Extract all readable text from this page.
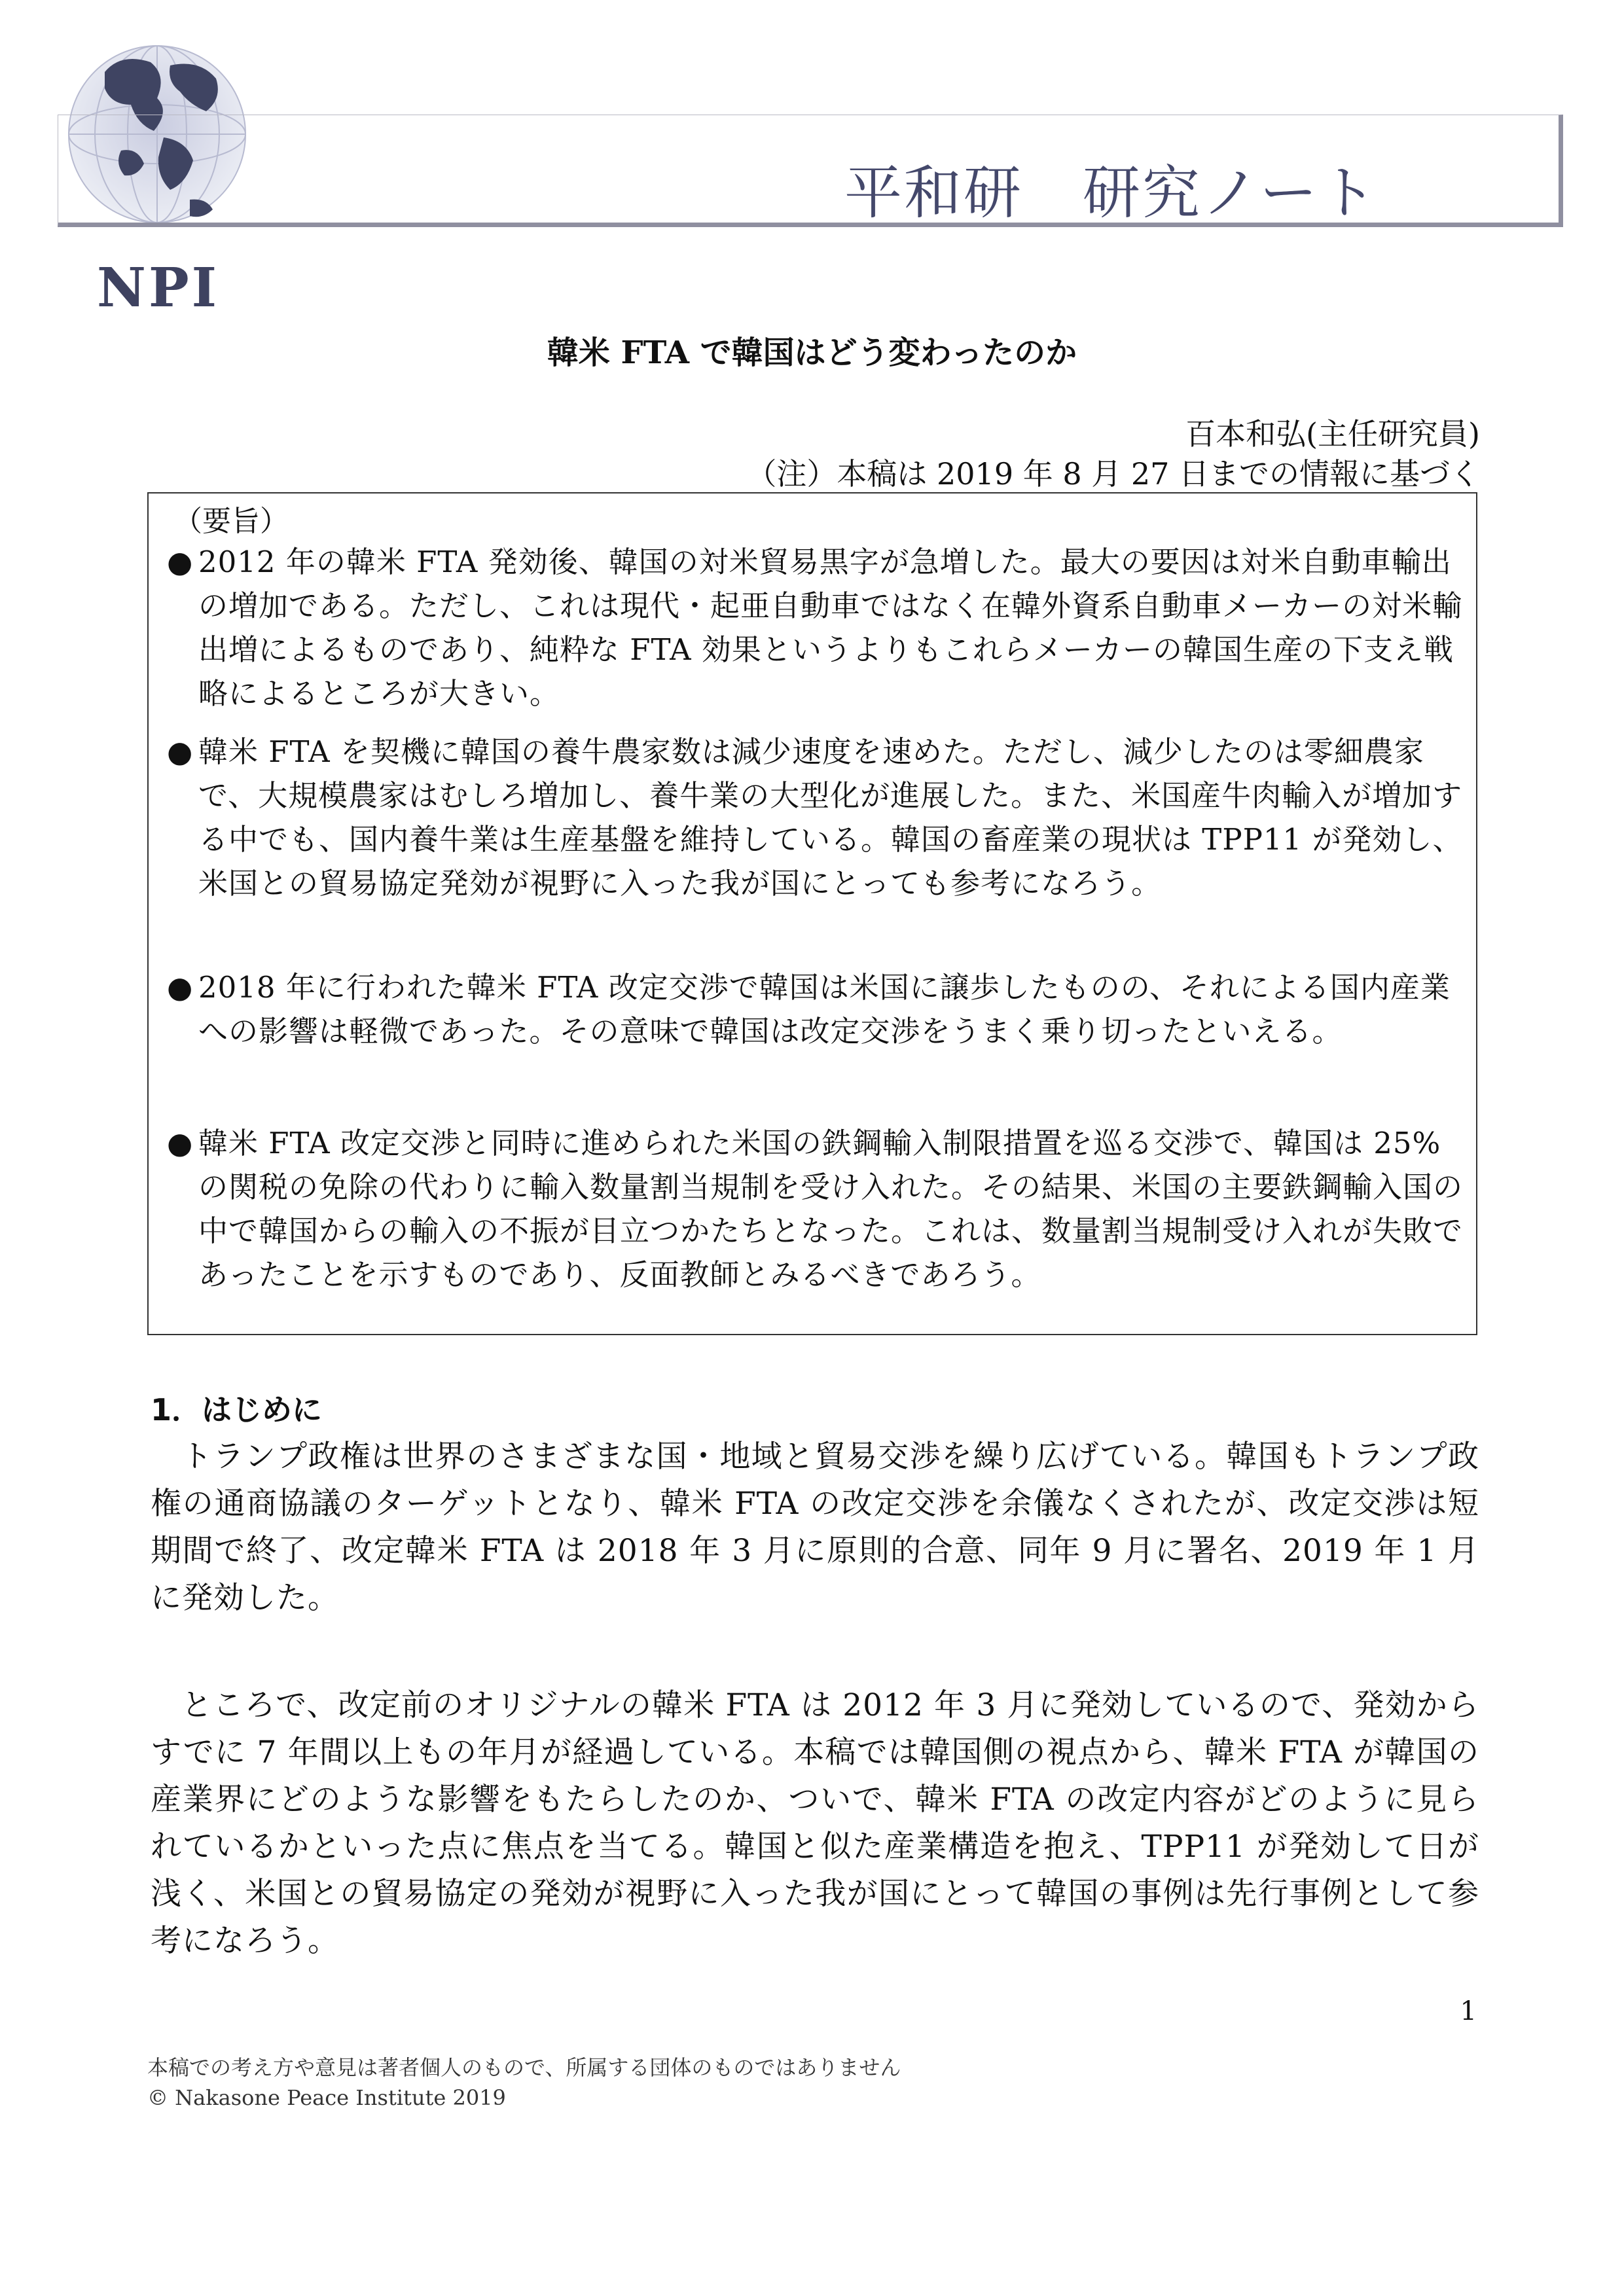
平和研　研究ノート
NPI
韓米 FTA で韓国はどう変わったのか
百本和弘(主任研究員)
（注）本稿は 2019 年 8 月 27 日までの情報に基づく
（要旨）
● 2012 年の韓米 FTA 発効後、韓国の対米貿易黒字が急増した。最大の要因は対米自動車輸出の増加である。ただし、これは現代・起亜自動車ではなく在韓外資系自動車メーカーの対米輸出増によるものであり、純粋な FTA 効果というよりもこれらメーカーの韓国生産の下支え戦略によるところが大きい。
● 韓米 FTA を契機に韓国の養牛農家数は減少速度を速めた。ただし、減少したのは零細農家で、大規模農家はむしろ増加し、養牛業の大型化が進展した。また、米国産牛肉輸入が増加する中でも、国内養牛業は生産基盤を維持している。韓国の畜産業の現状は TPP11 が発効し、米国との貿易協定発効が視野に入った我が国にとっても参考になろう。
● 2018 年に行われた韓米 FTA 改定交渉で韓国は米国に譲歩したものの、それによる国内産業への影響は軽微であった。その意味で韓国は改定交渉をうまく乗り切ったといえる。
● 韓米 FTA 改定交渉と同時に進められた米国の鉄鋼輸入制限措置を巡る交渉で、韓国は 25%の関税の免除の代わりに輸入数量割当規制を受け入れた。その結果、米国の主要鉄鋼輸入国の中で韓国からの輸入の不振が目立つかたちとなった。これは、数量割当規制受け入れが失敗であったことを示すものであり、反面教師とみるべきであろう。
1．はじめに
トランプ政権は世界のさまざまな国・地域と貿易交渉を繰り広げている。韓国もトランプ政権の通商協議のターゲットとなり、韓米 FTA の改定交渉を余儀なくされたが、改定交渉は短期間で終了、改定韓米 FTA は 2018 年 3 月に原則的合意、同年 9 月に署名、2019 年 1 月に発効した。
ところで、改定前のオリジナルの韓米 FTA は 2012 年 3 月に発効しているので、発効からすでに 7 年間以上もの年月が経過している。本稿では韓国側の視点から、韓米 FTA が韓国の産業界にどのような影響をもたらしたのか、ついで、韓米 FTA の改定内容がどのように見られているかといった点に焦点を当てる。韓国と似た産業構造を抱え、TPP11 が発効して日が浅く、米国との貿易協定の発効が視野に入った我が国にとって韓国の事例は先行事例として参考になろう。
1
本稿での考え方や意見は著者個人のもので、所属する団体のものではありません
© Nakasone Peace Institute 2019
